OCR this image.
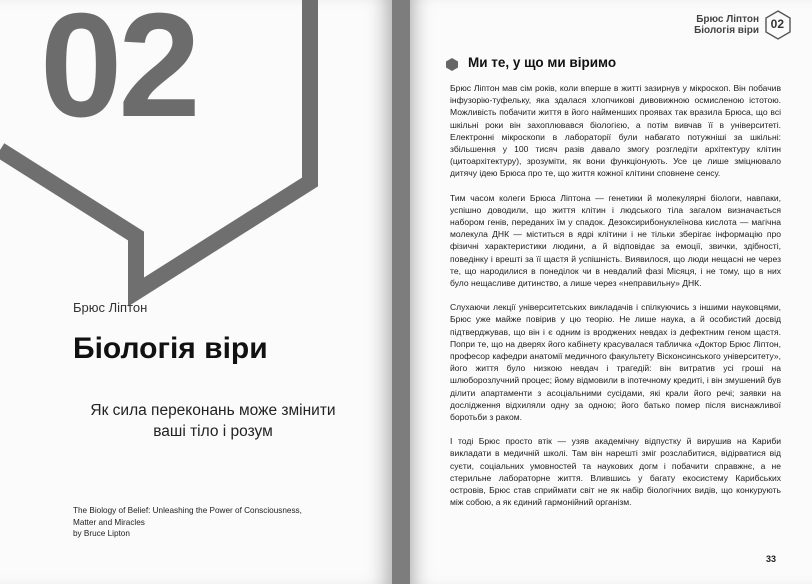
02
Брюс Ліптон
Біологія віри
Як сила переконань може змінити ваші тіло і розум
The Biology of Belief: Unleashing the Power of Consciousness,
Matter and Miracles
by Bruce Lipton
Брюс Ліптон
Біологія віри 02
Ми те, у що ми віримо

Брюс Ліптон мав сім років, коли вперше в житті зазирнув у мікроскоп. Він побачив інфузорію-туфельку, яка здалася хлопчикові дивовижною осмисленою істотою. Можливість побачити життя в його найменших проявах так вразила Брюса, що всі шкільні роки він захоплювався біологією, а потім вивчав її в університеті. Електронні мікроскопи в лабораторії були набагато потужніші за шкільні: збільшення у 100 тисяч разів давало змогу розгледіти архітектуру клітин (цитоархітектуру), зрозуміти, як вони функціонують. Усе це лише зміцнювало дитячу ідею Брюса про те, що життя кожної клітини сповнене сенсу.

Тим часом колеги Брюса Ліптона — генетики й молекулярні біологи, навпаки, успішно доводили, що життя клітин і людського тіла загалом визначається набором генів, переданих їм у спадок. Дезоксирибонуклеїнова кислота — магічна молекула ДНК — міститься в ядрі клітини і не тільки зберігає інформацію про фізичні характеристики людини, а й відповідає за емоції, звички, здібності, поведінку і врешті за її щастя й успішність. Виявилося, що люди нещасні не через те, що народилися в понеділок чи в невдалий фазі Місяця, і не тому, що в них було нещасливе дитинство, а лише через «неправильну» ДНК.

Слухаючи лекції університетських викладачів і спілкуючись з іншими науковцями, Брюс уже майже повірив у цю теорію. Не лише наука, а й особистий досвід підтверджував, що він і є одним із вроджених невдах із дефектним геном щастя. Попри те, що на дверях його кабінету красувалася табличка «Доктор Брюс Ліптон, професор кафедри анатомії медичного факультету Вісконсинського університету», його життя було низкою невдач і трагедій: він витратив усі гроші на шлюборозлучний процес; йому відмовили в іпотечному кредиті, і він змушений був ділити апартаменти з асоціальними сусідами, які крали його речі; заявки на дослідження відхиляли одну за одною; його батько помер після виснажливої боротьби з раком.

І тоді Брюс просто втік — узяв академічну відпустку й вирушив на Кариби викладати в медичній школі. Там він нарешті зміг розслабитися, відірватися від суєти, соціальних умовностей та наукових догм і побачити справжнє, а не стерильне лабораторне життя. Влившись у багату екосистему Карибських островів, Брюс став сприймати світ не як набір біологічних видів, що конкурують між собою, а як єдиний гармонійний організм.

33
